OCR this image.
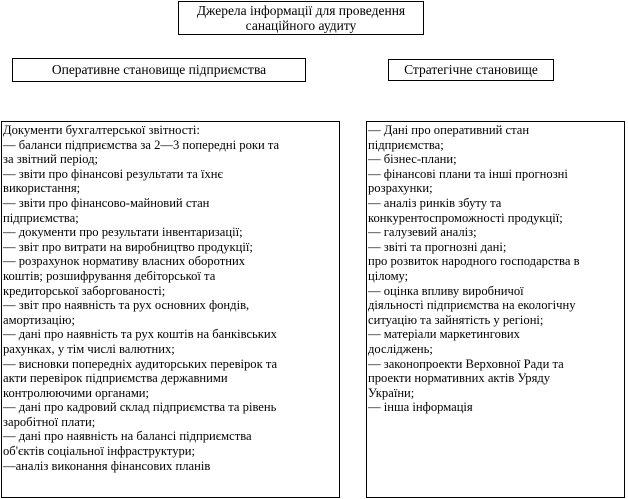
Джерела інформації для проведення
санаційного аудиту
Оперативне становище підприємства	Стратегічне становище
Документи бухгалтерської звітності:
— баланси підприємства за 2—3 попередні роки та
за звітний період;
— звіти про фінансові результати та їхнє
використання;
— звіти про фінансово-майновий стан
підприємства;
— документи про результати інвентаризації;
— звіт про витрати на виробництво продукції;
— розрахунок нормативу власних оборотних
коштів; розшифрування дебіторської та
кредиторської заборгованості;
— звіт про наявність та рух основних фондів,
амортизацію;
— дані про наявність та рух коштів на банківських
рахунках, у тім числі валютних;
— висновки попередніх аудиторських перевірок та
акти перевірок підприємства державними
контролюючими органами;
— дані про кадровий склад підприємства та рівень
заробітної плати;
— дані про наявність на балансі підприємства
об'єктів соціальної інфраструктури;
—аналіз виконання фінансових планів
— Дані про оперативний стан
підприємства;
— бізнес-плани;
— фінансові плани та інші прогнозні
розрахунки;
— аналіз ринків збуту та
конкурентоспроможності продукції;
— галузевий аналіз;
— звіті та прогнозні дані;
про розвиток народного господарства в
цілому;
— оцінка впливу виробничої
діяльності підприємства на екологічну
ситуацію та зайнятість у регіоні;
— матеріали маркетингових
досліджень;
— законопроекти Верховної Ради та
проекти нормативних актів Уряду
України;
— інша інформація
